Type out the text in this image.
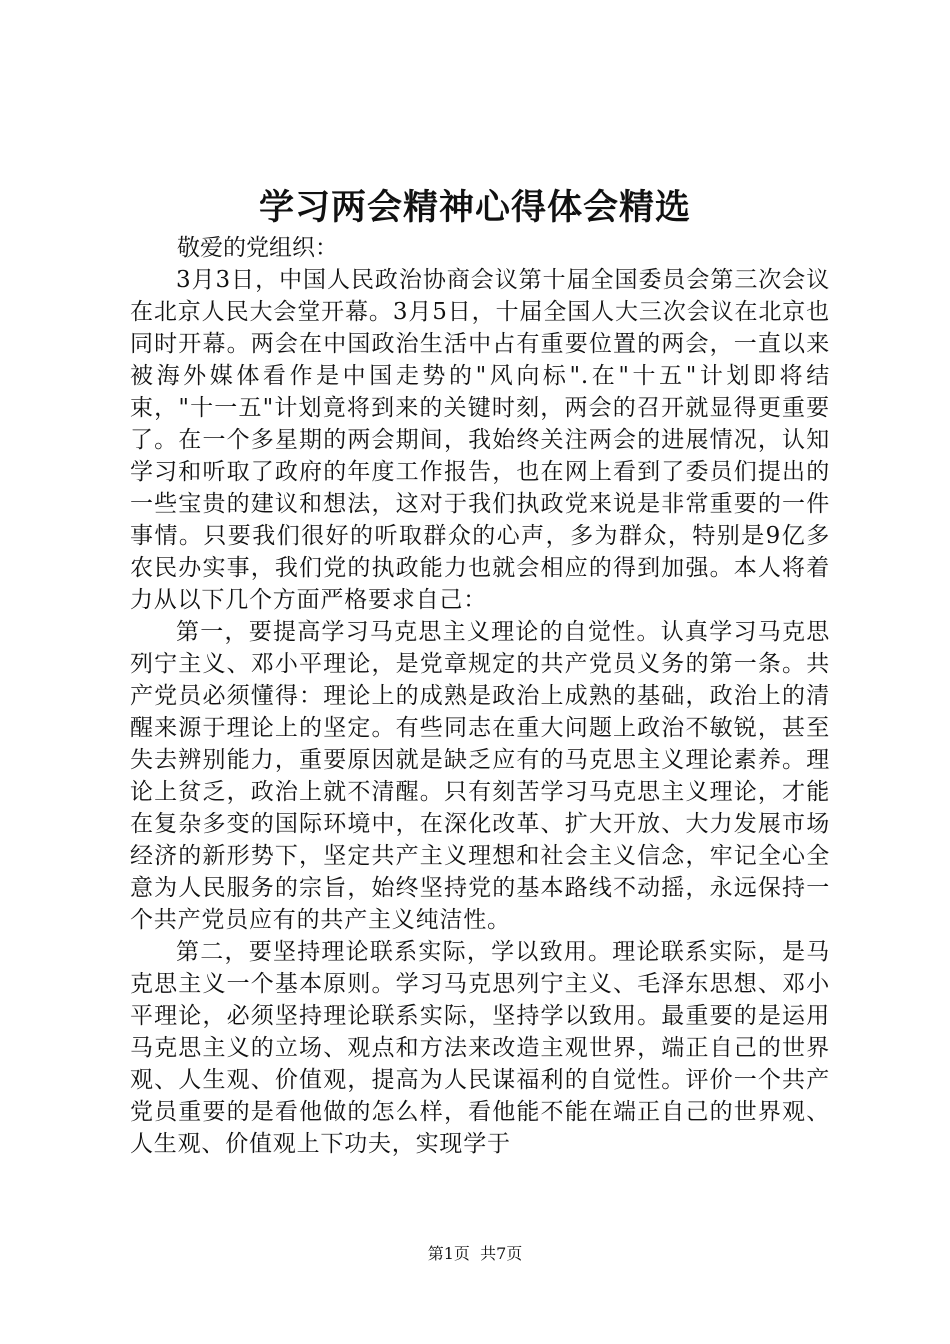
学习两会精神心得体会精选

敬爱的党组织：

3月3日，中国人民政治协商会议第十届全国委员会第三次会议在北京人民大会堂开幕。3月5日，十届全国人大三次会议在北京也同时开幕。两会在中国政治生活中占有重要位置的两会，一直以来被海外媒体看作是中国走势的"风向标".在"十五"计划即将结束，"十一五"计划竟将到来的关键时刻，两会的召开就显得更重要了。在一个多星期的两会期间，我始终关注两会的进展情况，认知学习和听取了政府的年度工作报告，也在网上看到了委员们提出的一些宝贵的建议和想法，这对于我们执政党来说是非常重要的一件事情。只要我们很好的听取群众的心声，多为群众，特别是9亿多农民办实事，我们党的执政能力也就会相应的得到加强。本人将着力从以下几个方面严格要求自己：

第一，要提高学习马克思主义理论的自觉性。认真学习马克思列宁主义、邓小平理论，是党章规定的共产党员义务的第一条。共产党员必须懂得：理论上的成熟是政治上成熟的基础，政治上的清醒来源于理论上的坚定。有些同志在重大问题上政治不敏锐，甚至失去辨别能力，重要原因就是缺乏应有的马克思主义理论素养。理论上贫乏，政治上就不清醒。只有刻苦学习马克思主义理论，才能在复杂多变的国际环境中，在深化改革、扩大开放、大力发展市场经济的新形势下，坚定共产主义理想和社会主义信念，牢记全心全意为人民服务的宗旨，始终坚持党的基本路线不动摇，永远保持一个共产党员应有的共产主义纯洁性。

第二，要坚持理论联系实际，学以致用。理论联系实际，是马克思主义一个基本原则。学习马克思列宁主义、毛泽东思想、邓小平理论，必须坚持理论联系实际，坚持学以致用。最重要的是运用马克思主义的立场、观点和方法来改造主观世界，端正自己的世界观、人生观、价值观，提高为人民谋福利的自觉性。评价一个共产党员重要的是看他做的怎么样，看他能不能在端正自己的世界观、人生观、价值观上下功夫，实现学于

第1页 共7页
